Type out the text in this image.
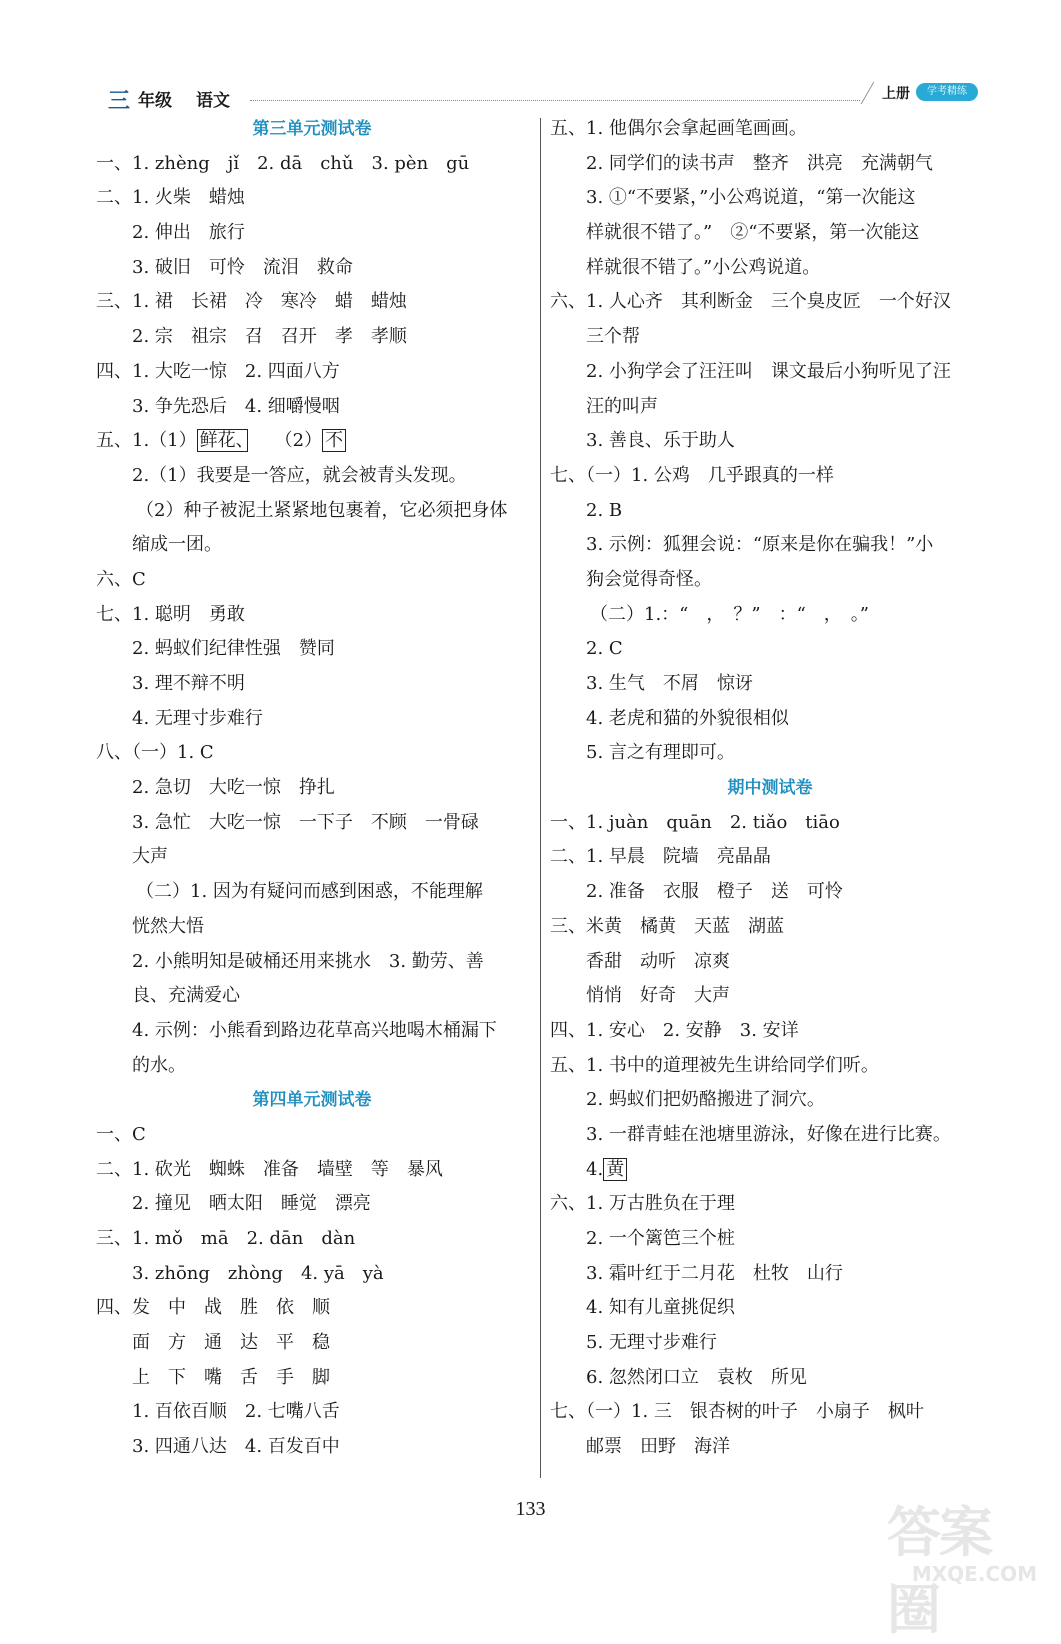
三 年级 语文	上册	学考精练
第三单元测试卷
一、1. zhèng　jǐ　2. dā　chǔ　3. pèn　gū
二、1. 火柴　蜡烛
2. 伸出　旅行
3. 破旧　可怜　流泪　救命
三、1. 裙　长裙　冷　寒冷　蜡　蜡烛
2. 宗　祖宗　召　召开　孝　孝顺
四、1. 大吃一惊　2. 四面八方
3. 争先恐后　4. 细嚼慢咽
五、1.（1） 鲜花、　　（2） 不
2.（1）我要是一答应，就会被青头发现。
（2）种子被泥土紧紧地包裹着，它必须把身体
缩成一团。
六、C
七、1. 聪明　勇敢
2. 蚂蚁们纪律性强　赞同
3. 理不辩不明
4. 无理寸步难行
八、（一）1. C
2. 急切　大吃一惊　挣扎
3. 急忙　大吃一惊　一下子　不顾　一骨碌
大声
（二）1. 因为有疑问而感到困惑，不能理解
恍然大悟
2. 小熊明知是破桶还用来挑水　3. 勤劳、善
良、充满爱心
4. 示例：小熊看到路边花草高兴地喝木桶漏下
的水。
第四单元测试卷
一、C
二、1. 砍光　蜘蛛　准备　墙壁　等　暴风
2. 撞见　晒太阳　睡觉　漂亮
三、1. mǒ　mā　2. dān　dàn
3. zhōng　zhòng　4. yā　yà
四、发　中　战　胜　依　顺
面　方　通　达　平　稳
上　下　嘴　舌　手　脚
1. 百依百顺　2. 七嘴八舌
3. 四通八达　4. 百发百中
五、1. 他偶尔会拿起画笔画画。
2. 同学们的读书声　整齐　洪亮　充满朝气
3. ①“不要紧，”小公鸡说道，“第一次能这
样就很不错了。”　②“不要紧，第一次能这
样就很不错了。”小公鸡说道。
六、1. 人心齐　其利断金　三个臭皮匠　一个好汉
三个帮
2. 小狗学会了汪汪叫　课文最后小狗听见了汪
汪的叫声
3. 善良、乐于助人
七、（一）1. 公鸡　几乎跟真的一样
2. B
3. 示例：狐狸会说：“原来是你在骗我！”小
狗会觉得奇怪。
（二）1.：“　，　？”　：“　，　。”
2. C
3. 生气　不屑　惊讶
4. 老虎和猫的外貌很相似
5. 言之有理即可。
期中测试卷
一、1. juàn　quān　2. tiǎo　tiāo
二、1. 早晨　院墙　亮晶晶
2. 准备　衣服　橙子　送　可怜
三、米黄　橘黄　天蓝　湖蓝
香甜　动听　凉爽
悄悄　好奇　大声
四、1. 安心　2. 安静　3. 安详
五、1. 书中的道理被先生讲给同学们听。
2. 蚂蚁们把奶酪搬进了洞穴。
3. 一群青蛙在池塘里游泳，好像在进行比赛。
4. 黄
六、1. 万古胜负在于理
2. 一个篱笆三个桩
3. 霜叶红于二月花　杜牧　山行
4. 知有儿童挑促织
5. 无理寸步难行
6. 忽然闭口立　袁枚　所见
七、（一）1. 三　银杏树的叶子　小扇子　枫叶
邮票　田野　海洋
133	答案圈
MXQE.COM
